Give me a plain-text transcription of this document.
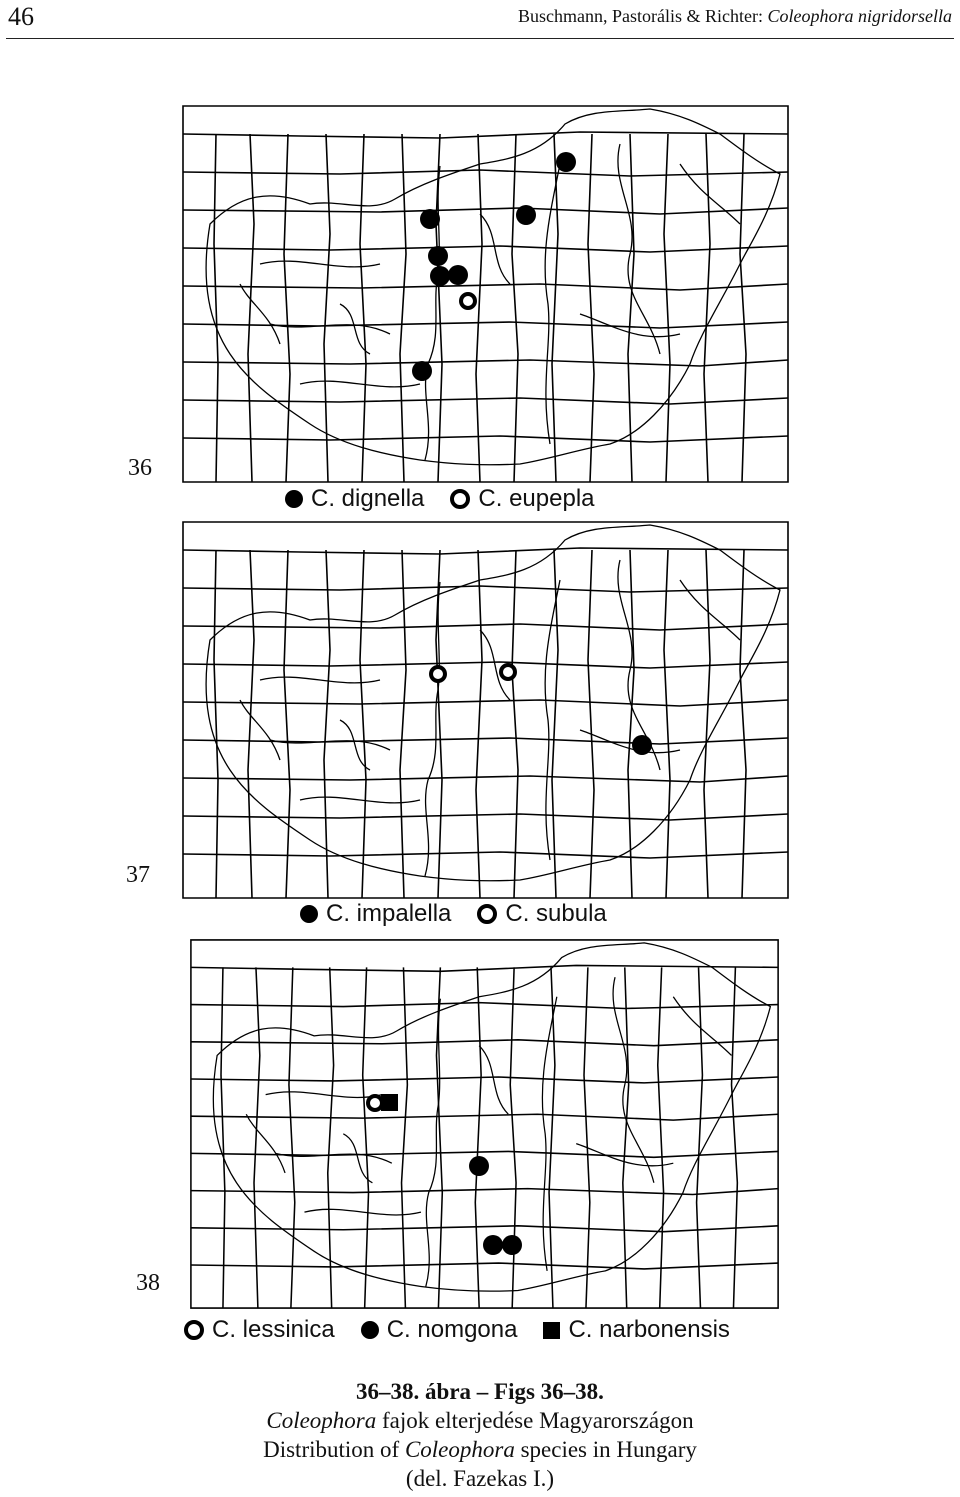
46	Buschmann, Pastorális & Richter: Coleophora nigridorsella
36
C. dignella C. eupepla
37
C. impalella C. subula
38
C. lessinica C. nomgona C. narbonensis
36–38. ábra – Figs 36–38.
Coleophora fajok elterjedése Magyarországon
Distribution of Coleophora species in Hungary
(del. Fazekas I.)
